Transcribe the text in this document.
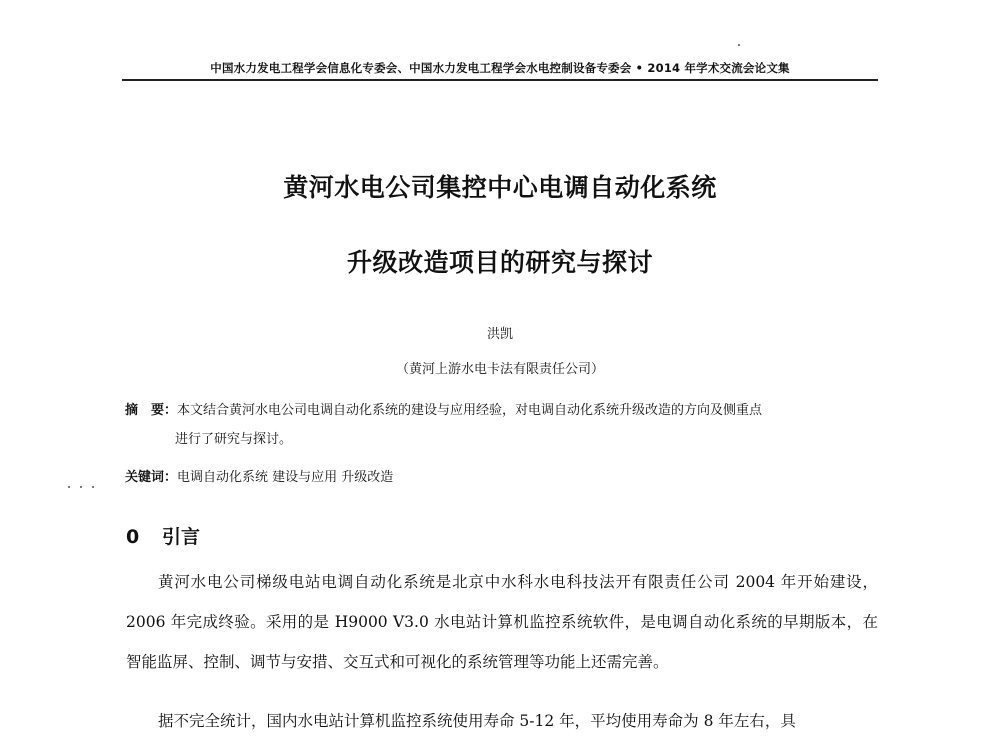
中国水力发电工程学会信息化专委会、中国水力发电工程学会水电控制设备专委会 • 2014 年学术交流会论文集
黄河水电公司集控中心电调自动化系统
升级改造项目的研究与探讨
洪凯
（黄河上游水电卡法有限责任公司）
摘　要：本文结合黄河水电公司电调自动化系统的建设与应用经验，对电调自动化系统升级改造的方向及侧重点
进行了研究与探讨。
关键词：电调自动化系统 建设与应用 升级改造
0 引言
黄河水电公司梯级电站电调自动化系统是北京中水科水电科技法开有限责任公司 2004 年开始建设，2006 年完成终验。采用的是 H9000 V3.0 水电站计算机监控系统软件，是电调自动化系统的早期版本，在智能监屏、控制、调节与安措、交互式和可视化的系统管理等功能上还需完善。
据不完全统计，国内水电站计算机监控系统使用寿命 5-12 年，平均使用寿命为 8 年左右，具
